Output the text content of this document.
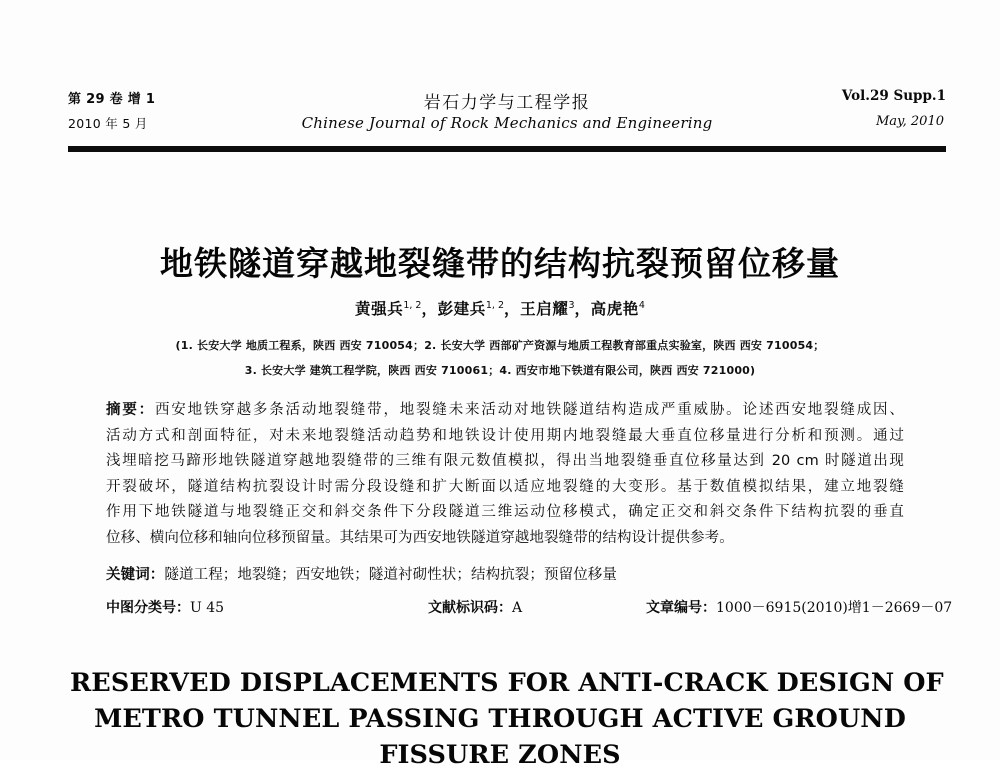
第 29 卷 增 1	岩石力学与工程学报	Vol.29 Supp.1
2010 年 5 月	Chinese Journal of Rock Mechanics and Engineering	May, 2010
地铁隧道穿越地裂缝带的结构抗裂预留位移量
黄强兵$^{1, 2}$，彭建兵$^{1, 2}$，王启耀$^3$，高虎艳$^4$
(1. 长安大学 地质工程系，陕西 西安 710054；2. 长安大学 西部矿产资源与地质工程教育部重点实验室，陕西 西安 710054；
3. 长安大学 建筑工程学院，陕西 西安 710061；4. 西安市地下铁道有限公司，陕西 西安 721000)
摘要：西安地铁穿越多条活动地裂缝带，地裂缝未来活动对地铁隧道结构造成严重威胁。论述西安地裂缝成因、
活动方式和剖面特征，对未来地裂缝活动趋势和地铁设计使用期内地裂缝最大垂直位移量进行分析和预测。通过
浅埋暗挖马蹄形地铁隧道穿越地裂缝带的三维有限元数值模拟，得出当地裂缝垂直位移量达到 20 cm 时隧道出现
开裂破坏，隧道结构抗裂设计时需分段设缝和扩大断面以适应地裂缝的大变形。基于数值模拟结果，建立地裂缝
作用下地铁隧道与地裂缝正交和斜交条件下分段隧道三维运动位移模式，确定正交和斜交条件下结构抗裂的垂直
位移、横向位移和轴向位移预留量。其结果可为西安地铁隧道穿越地裂缝带的结构设计提供参考。
关键词：隧道工程；地裂缝；西安地铁；隧道衬砌性状；结构抗裂；预留位移量
中图分类号：U 45	文献标识码：A	文章编号：1000－6915(2010)增1－2669－07
RESERVED DISPLACEMENTS FOR ANTI-CRACK DESIGN OF
METRO TUNNEL PASSING THROUGH ACTIVE GROUND
FISSURE ZONES
